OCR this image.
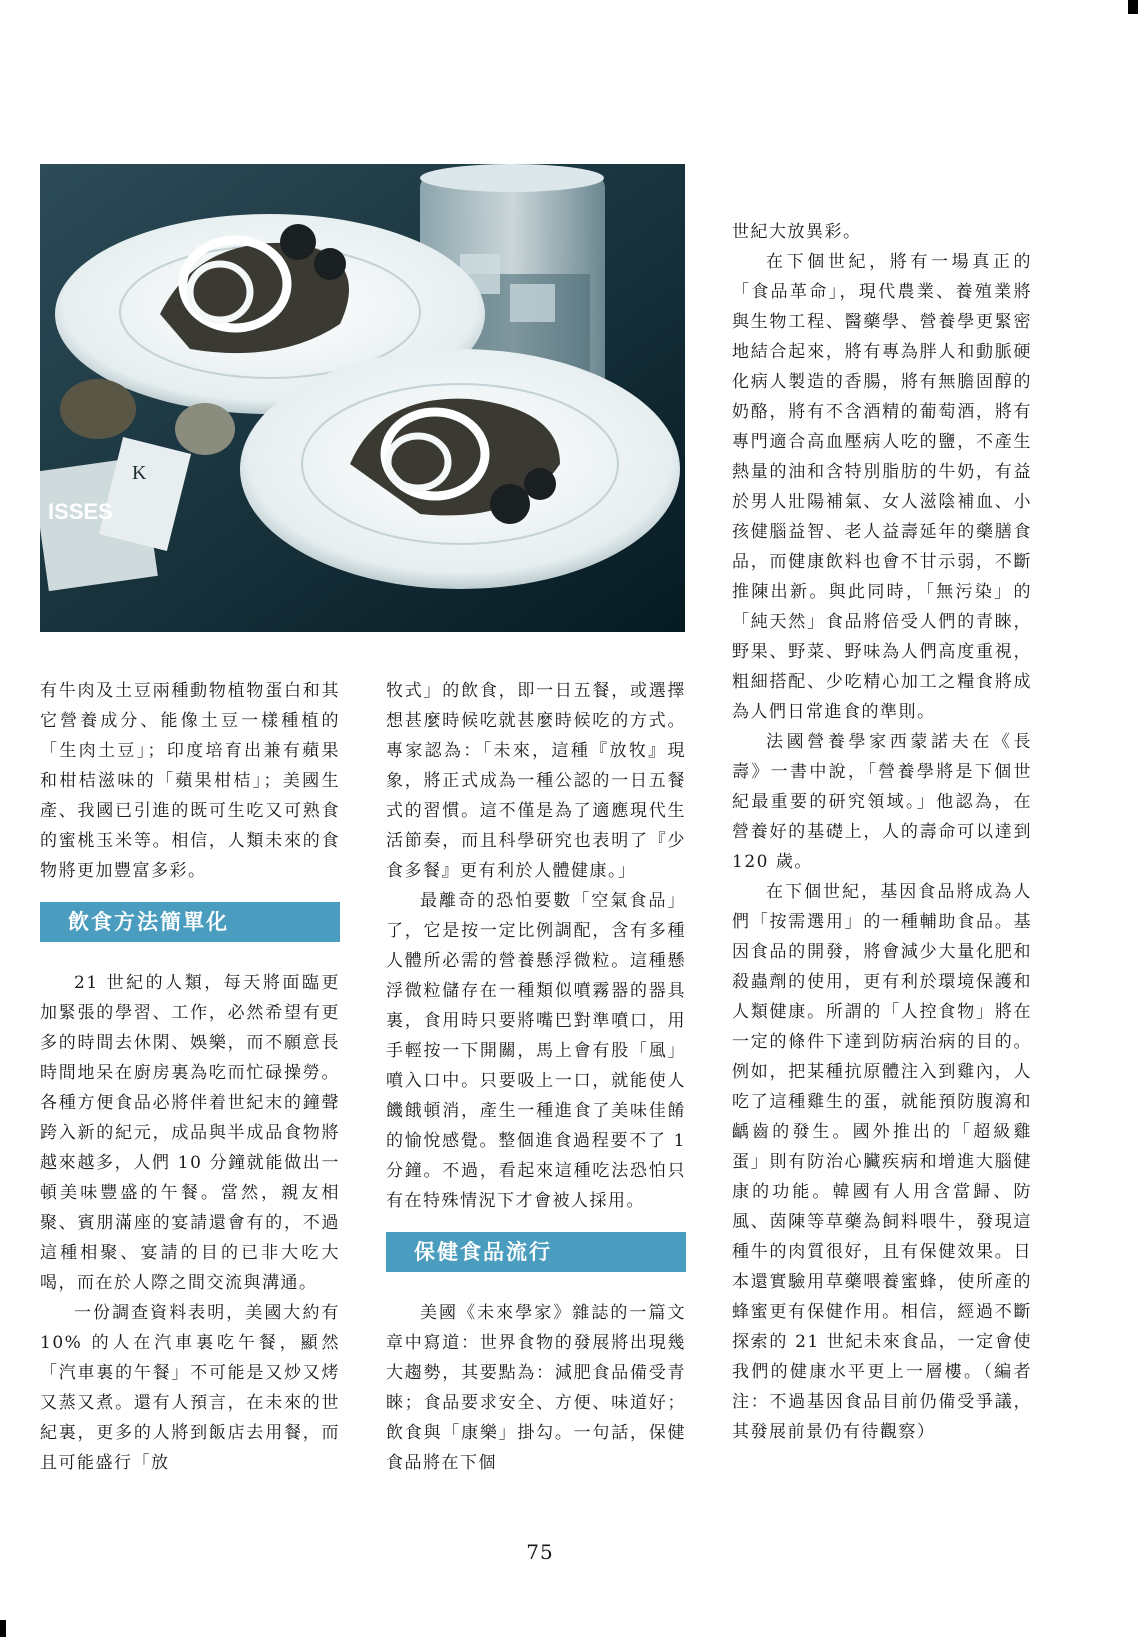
ISSES
K

有牛肉及土豆兩種動物植物蛋白和其它營養成分、能像土豆一樣種植的「生肉土豆」；印度培育出兼有蘋果和柑桔滋味的「蘋果柑桔」；美國生產、我國已引進的既可生吃又可熟食的蜜桃玉米等。相信，人類未來的食物將更加豐富多彩。

飲食方法簡單化

21 世紀的人類，每天將面臨更加緊張的學習、工作，必然希望有更多的時間去休閑、娛樂，而不願意長時間地呆在廚房裏為吃而忙碌操勞。各種方便食品必將伴着世紀末的鐘聲跨入新的紀元，成品與半成品食物將越來越多，人們 10 分鐘就能做出一頓美味豐盛的午餐。當然，親友相聚、賓朋滿座的宴請還會有的，不過這種相聚、宴請的目的已非大吃大喝，而在於人際之間交流與溝通。

一份調查資料表明，美國大約有 10% 的人在汽車裏吃午餐，顯然「汽車裏的午餐」不可能是又炒又烤又蒸又煮。還有人預言，在未來的世紀裏，更多的人將到飯店去用餐，而且可能盛行「放

牧式」的飲食，即一日五餐，或選擇想甚麼時候吃就甚麼時候吃的方式。專家認為：「未來，這種『放牧』現象，將正式成為一種公認的一日五餐式的習慣。這不僅是為了適應現代生活節奏，而且科學研究也表明了『少食多餐』更有利於人體健康。」

最離奇的恐怕要數「空氣食品」了，它是按一定比例調配，含有多種人體所必需的營養懸浮微粒。這種懸浮微粒儲存在一種類似噴霧器的器具裏，食用時只要將嘴巴對準噴口，用手輕按一下開關，馬上會有股「風」噴入口中。只要吸上一口，就能使人饑餓頓消，產生一種進食了美味佳餚的愉悅感覺。整個進食過程要不了 1 分鐘。不過，看起來這種吃法恐怕只有在特殊情況下才會被人採用。

保健食品流行

美國《未來學家》雜誌的一篇文章中寫道：世界食物的發展將出現幾大趨勢，其要點為：減肥食品備受青睞；食品要求安全、方便、味道好；飲食與「康樂」掛勾。一句話，保健食品將在下個

世紀大放異彩。

在下個世紀，將有一場真正的「食品革命」，現代農業、養殖業將與生物工程、醫藥學、營養學更緊密地結合起來，將有專為胖人和動脈硬化病人製造的香腸，將有無膽固醇的奶酪，將有不含酒精的葡萄酒，將有專門適合高血壓病人吃的鹽，不產生熱量的油和含特別脂肪的牛奶，有益於男人壯陽補氣、女人滋陰補血、小孩健腦益智、老人益壽延年的藥膳食品，而健康飲料也會不甘示弱，不斷推陳出新。與此同時，「無污染」的「純天然」食品將倍受人們的青睞，野果、野菜、野味為人們高度重視，粗細搭配、少吃精心加工之糧食將成為人們日常進食的準則。

法國營養學家西蒙諾夫在《長壽》一書中說，「營養學將是下個世紀最重要的研究領域。」他認為，在營養好的基礎上，人的壽命可以達到 120 歲。

在下個世紀，基因食品將成為人們「按需選用」的一種輔助食品。基因食品的開發，將會減少大量化肥和殺蟲劑的使用，更有利於環境保護和人類健康。所謂的「人控食物」將在一定的條件下達到防病治病的目的。例如，把某種抗原體注入到雞內，人吃了這種雞生的蛋，就能預防腹瀉和齲齒的發生。國外推出的「超級雞蛋」則有防治心臟疾病和增進大腦健康的功能。韓國有人用含當歸、防風、茵陳等草藥為飼料喂牛，發現這種牛的肉質很好，且有保健效果。日本還實驗用草藥喂養蜜蜂，使所產的蜂蜜更有保健作用。相信，經過不斷探索的 21 世紀未來食品，一定會使我們的健康水平更上一層樓。（編者注：不過基因食品目前仍備受爭議，其發展前景仍有待觀察）

75
